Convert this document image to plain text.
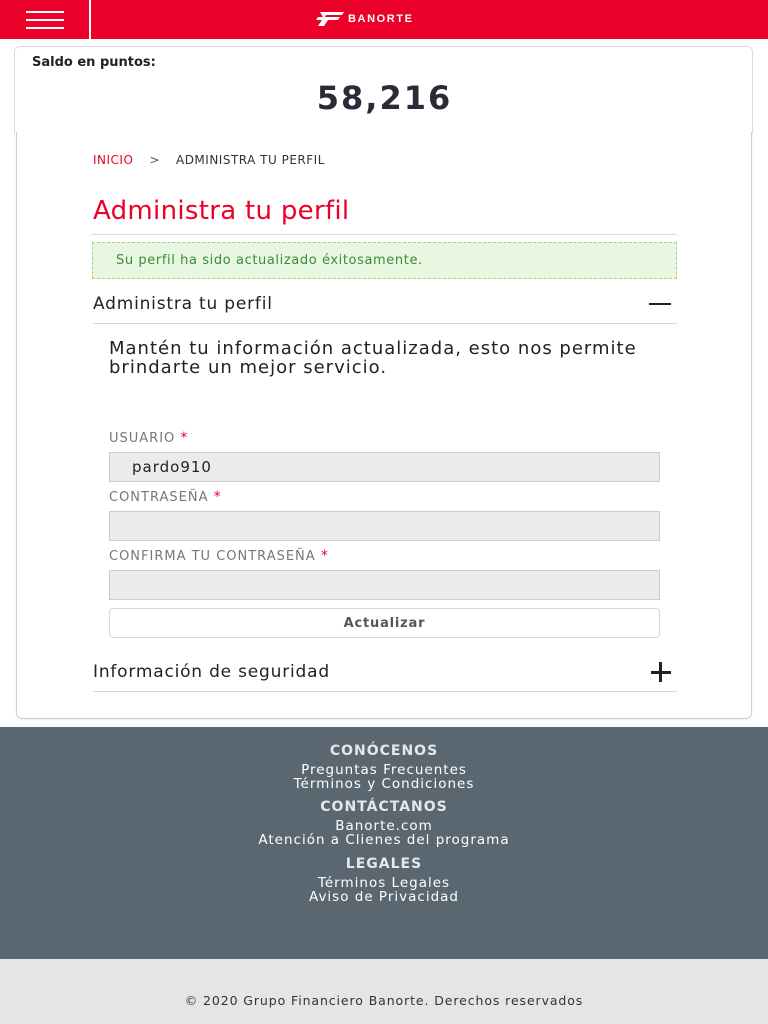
BANORTE
Saldo en puntos:
58,216
INICIO > ADMINISTRA TU PERFIL
Administra tu perfil
Su perfil ha sido actualizado éxitosamente.
Administra tu perfil
Mantén tu información actualizada, esto nos permite brindarte un mejor servicio.
USUARIO *
pardo910
CONTRASEÑA *
CONFIRMA TU CONTRASEÑA *
Actualizar
Información de seguridad
CONÓCENOS
Preguntas Frecuentes
Términos y Condiciones
CONTÁCTANOS
Banorte.com
Atención a Clienes del programa
LEGALES
Términos Legales
Aviso de Privacidad
© 2020 Grupo Financiero Banorte. Derechos reservados
